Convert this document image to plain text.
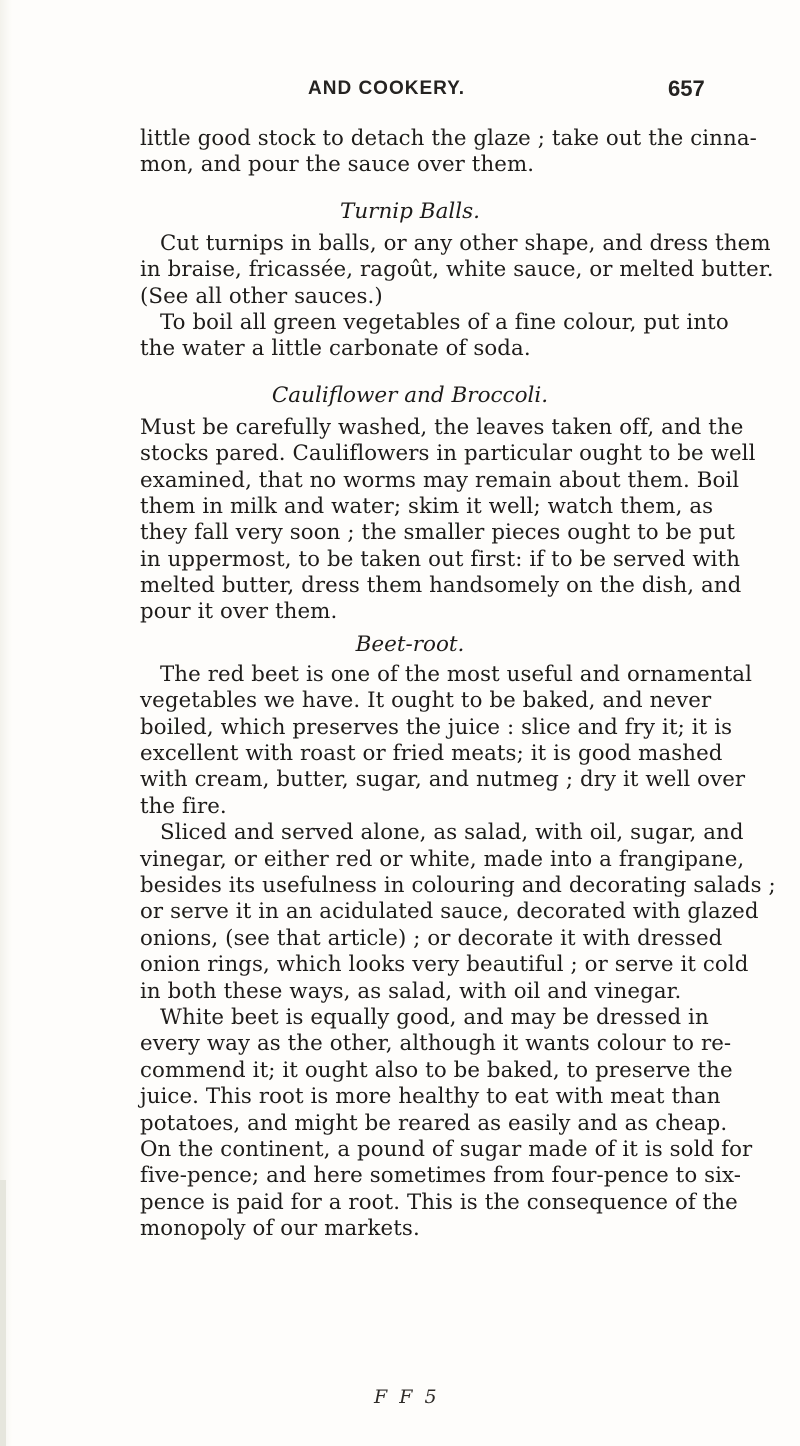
AND COOKERY.	657
little good stock to detach the glaze ; take out the cinna-
mon, and pour the sauce over them.
Turnip Balls.
Cut turnips in balls, or any other shape, and dress them
in braise, fricassée, ragoût, white sauce, or melted butter.
(See all other sauces.)
To boil all green vegetables of a fine colour, put into
the water a little carbonate of soda.
Cauliflower and Broccoli.
Must be carefully washed, the leaves taken off, and the
stocks pared. Cauliflowers in particular ought to be well
examined, that no worms may remain about them. Boil
them in milk and water; skim it well; watch them, as
they fall very soon ; the smaller pieces ought to be put
in uppermost, to be taken out first: if to be served with
melted butter, dress them handsomely on the dish, and
pour it over them.
Beet-root.
The red beet is one of the most useful and ornamental
vegetables we have. It ought to be baked, and never
boiled, which preserves the juice : slice and fry it; it is
excellent with roast or fried meats; it is good mashed
with cream, butter, sugar, and nutmeg ; dry it well over
the fire.
Sliced and served alone, as salad, with oil, sugar, and
vinegar, or either red or white, made into a frangipane,
besides its usefulness in colouring and decorating salads ;
or serve it in an acidulated sauce, decorated with glazed
onions, (see that article) ; or decorate it with dressed
onion rings, which looks very beautiful ; or serve it cold
in both these ways, as salad, with oil and vinegar.
White beet is equally good, and may be dressed in
every way as the other, although it wants colour to re-
commend it; it ought also to be baked, to preserve the
juice. This root is more healthy to eat with meat than
potatoes, and might be reared as easily and as cheap.
On the continent, a pound of sugar made of it is sold for
five-pence; and here sometimes from four-pence to six-
pence is paid for a root. This is the consequence of the
monopoly of our markets.
F F 5
